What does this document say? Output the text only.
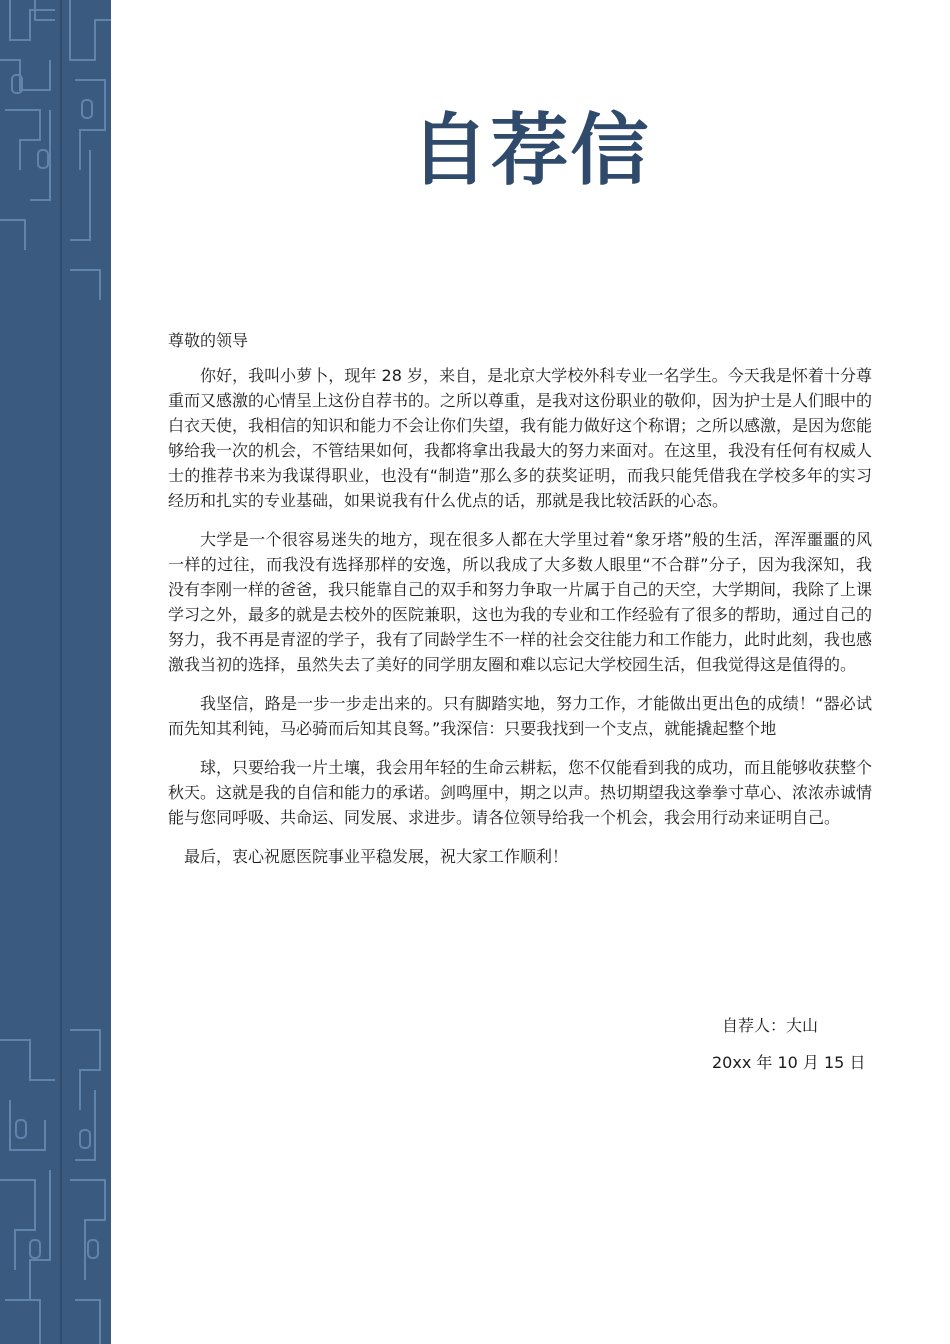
自荐信

尊敬的领导

你好，我叫小萝卜，现年 28 岁，来自，是北京大学校外科专业一名学生。今天我是怀着十分尊重而又感激的心情呈上这份自荐书的。之所以尊重，是我对这份职业的敬仰，因为护士是人们眼中的白衣天使，我相信的知识和能力不会让你们失望，我有能力做好这个称谓；之所以感激，是因为您能够给我一次的机会，不管结果如何，我都将拿出我最大的努力来面对。在这里，我没有任何有权威人士的推荐书来为我谋得职业，也没有“制造”那么多的获奖证明，而我只能凭借我在学校多年的实习经历和扎实的专业基础，如果说我有什么优点的话，那就是我比较活跃的心态。

大学是一个很容易迷失的地方，现在很多人都在大学里过着“象牙塔”般的生活，浑浑噩噩的风一样的过往，而我没有选择那样的安逸，所以我成了大多数人眼里“不合群”分子，因为我深知，我没有李刚一样的爸爸，我只能靠自己的双手和努力争取一片属于自己的天空，大学期间，我除了上课学习之外，最多的就是去校外的医院兼职，这也为我的专业和工作经验有了很多的帮助，通过自己的努力，我不再是青涩的学子，我有了同龄学生不一样的社会交往能力和工作能力，此时此刻，我也感激我当初的选择，虽然失去了美好的同学朋友圈和难以忘记大学校园生活，但我觉得这是值得的。

我坚信，路是一步一步走出来的。只有脚踏实地，努力工作，才能做出更出色的成绩！“器必试而先知其利钝，马必骑而后知其良驽。”我深信：只要我找到一个支点，就能撬起整个地

球，只要给我一片土壤，我会用年轻的生命云耕耘，您不仅能看到我的成功，而且能够收获整个秋天。这就是我的自信和能力的承诺。剑鸣厘中，期之以声。热切期望我这拳拳寸草心、浓浓赤诚情能与您同呼吸、共命运、同发展、求进步。请各位领导给我一个机会，我会用行动来证明自己。

最后，衷心祝愿医院事业平稳发展，祝大家工作顺利！

自荐人：大山
20xx 年 10 月 15 日
